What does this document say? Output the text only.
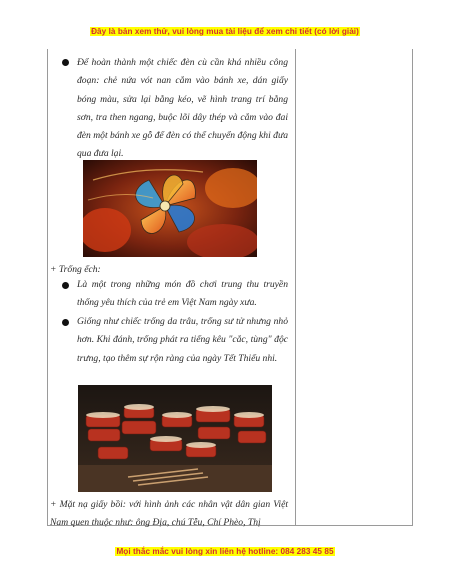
Đây là bản xem thử, vui lòng mua tài liệu để xem chi tiết (có lời giải)
Để hoàn thành một chiếc đèn cù cần khá nhiều công đoạn: chẻ nứa vót nan cắm vào bánh xe, dán giấy bóng màu, sửa lại bằng kéo, vẽ hình trang trí bằng sơn, tra then ngang, buộc lõi dây thép và cắm vào đai đèn một bánh xe gỗ để đèn có thể chuyển động khi đưa qua đưa lại.
+ Trống ếch:
Là một trong những món đồ chơi trung thu truyền thống yêu thích của trẻ em Việt Nam ngày xưa.
Giống như chiếc trống da trâu, trống sư tử nhưng nhỏ hơn. Khi đánh, trống phát ra tiếng kêu "cắc, tùng" độc trưng, tạo thêm sự rộn ràng của ngày Tết Thiếu nhi.
+ Mặt nạ giấy bồi: với hình ảnh các nhân vật dân gian Việt Nam quen thuộc như: ông Địa, chú Tễu, Chí Phèo, Thị
Mọi thắc mắc vui lòng xin liên hệ hotline: 084 283 45 85
